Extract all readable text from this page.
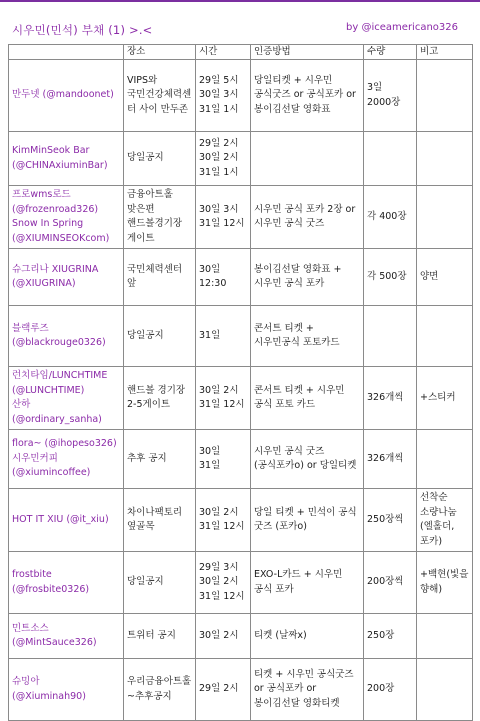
시우민(민석) 부채 (1) >.<	by @iceamericano326
	장소	시간	인증방법	수량	비고

만두넷 (@mandoonet)	VIPS와 국민건강체력센터 사이 만두존	29일 5시
30일 3시
31일 1시	당일티켓 + 시우민 공식굿즈 or 공식포카 or 봉이김선달 영화표	3일
2000장	

KimMinSeok Bar
(@CHINAxiuminBar)	당일공지	29일 2시
30일 2시
31일 1시			

프로wms로드
(@frozenroad326)
Snow In Spring
(@XIUMINSEOKcom)	금융아트홀 맞은편 핸드볼경기장 게이트	30일 3시
31일 12시	시우민 공식 포카 2장 or 시우민 공식 굿즈	각 400장	

슈그리나 XIUGRINA
(@XIUGRINA)	국민체력센터 앞	30일 12:30	봉이김선달 영화표 + 시우민 공식 포카	각 500장	양면

블랙루즈
(@blackrouge0326)	당일공지	31일	콘서트 티켓 + 시우민공식 포토카드		

런치타임/LUNCHTIME
(@LUNCHTIME)
산하(@ordinary_sanha)	핸드볼 경기장 2-5게이트	30일 2시
31일 12시	콘서트 티켓 + 시우민 공식 포토 카드	326개씩	+스티커

flora~ (@ihopeso326)
시우민커피
(@xiumincoffee)	추후 공지	30일
31일	시우민 공식 굿즈 (공식포카o) or 당일티켓	326개씩	

HOT IT XIU (@it_xiu)	차이나팩토리 옆골목	30일 2시
31일 12시	당일 티켓 + 민석이 공식 굿즈 (포카o)	250장씩	선착순 소량나눔(엘홀더, 포카)

frostbite
(@frosbite0326)	당일공지	29일 3시
30일 2시
31일 12시	EXO-L카드 + 시우민 공식 포카	200장씩	+백현(빛을 향해)

민트소스
(@MintSauce326)	트위터 공지	30일 2시	티켓 (날짜x)	250장	

슈밍아
(@Xiuminah90)	우리금융아트홀 ~추후공지	29일 2시	티켓 + 시우민 공식굿즈 or 공식포카 or 봉이김선달 영화티켓	200장	
